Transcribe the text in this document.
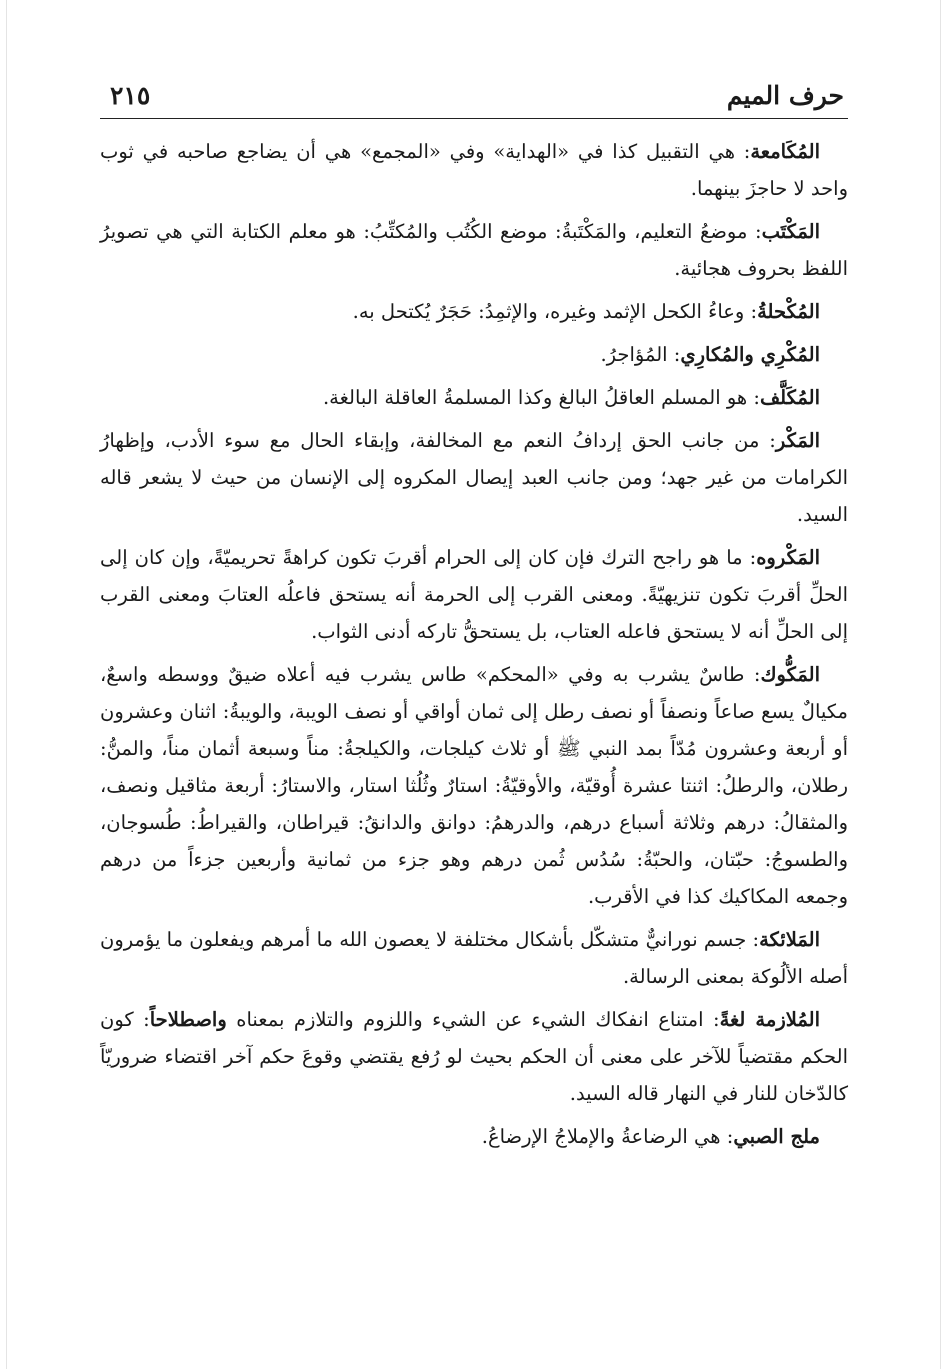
حرف الميم
٢١٥

المُكَامعة: هي التقبيل كذا في «الهداية» وفي «المجمع» هي أن يضاجع صاحبه في ثوب واحد لا حاجزَ بينهما.

المَكْتَب: موضعُ التعليم، والمَكْتَبةُ: موضع الكُتُب والمُكتِّبُ: هو معلم الكتابة التي هي تصويرُ اللفظ بحروف هجائية.

المُكْحلةُ: وعاءُ الكحل الإثمد وغيره، والإثمِدُ: حَجَرٌ يُكتحل به.

المُكْرِي والمُكارِي: المُؤاجرُ.

المُكَلَّف: هو المسلم العاقلُ البالغ وكذا المسلمةُ العاقلة البالغة.

المَكْر: من جانب الحق إردافُ النعم مع المخالفة، وإبقاء الحال مع سوء الأدب، وإظهارُ الكرامات من غير جهد؛ ومن جانب العبد إيصال المكروه إلى الإنسان من حيث لا يشعر قاله السيد.

المَكْروه: ما هو راجح الترك فإن كان إلى الحرام أقربَ تكون كراهةً تحريميّةً، وإن كان إلى الحلِّ أقربَ تكون تنزيهيّةً. ومعنى القرب إلى الحرمة أنه يستحق فاعلُه العتابَ ومعنى القرب إلى الحلِّ أنه لا يستحق فاعله العتاب، بل يستحقُّ تاركه أدنى الثواب.

المَكُّوك: طاسٌ يشرب به وفي «المحكم» طاس يشرب فيه أعلاه ضيقٌ ووسطه واسعٌ، مكيالٌ يسع صاعاً ونصفاً أو نصف رطل إلى ثمان أواقي أو نصف الويبة، والويبةُ: اثنان وعشرون أو أربعة وعشرون مُدّاً بمد النبي ﷺ أو ثلاث كيلجات، والكيلجةُ: مناً وسبعة أثمان مناً، والمنُّ: رطلان، والرطلُ: اثنتا عشرة أُوقيّة، والأوقيّةُ: استارٌ وثُلُثا استار، والاستارُ: أربعة مثاقيل ونصف، والمثقالُ: درهم وثلاثة أسباع درهم، والدرهمُ: دوانق والدانقُ: قيراطان، والقيراطُ: طُسوجان، والطسوجُ: حبّتان، والحبّةُ: سُدُس ثُمن درهم وهو جزء من ثمانية وأربعين جزءاً من درهم وجمعه المكاكيك كذا في الأقرب.

المَلائكة: جسم نورانيٌّ متشكّل بأشكال مختلفة لا يعصون الله ما أمرهم ويفعلون ما يؤمرون أصله الألُوكة بمعنى الرسالة.

المُلازمة لغةً: امتناع انفكاك الشيء عن الشيء واللزوم والتلازم بمعناه واصطلاحاً: كون الحكم مقتضياً للآخر على معنى أن الحكم بحيث لو رُفع يقتضي وقوعَ حكم آخر اقتضاء ضروريّاً كالدّخان للنار في النهار قاله السيد.

ملج الصبي: هي الرضاعةُ والإملاجُ الإرضاعُ.
